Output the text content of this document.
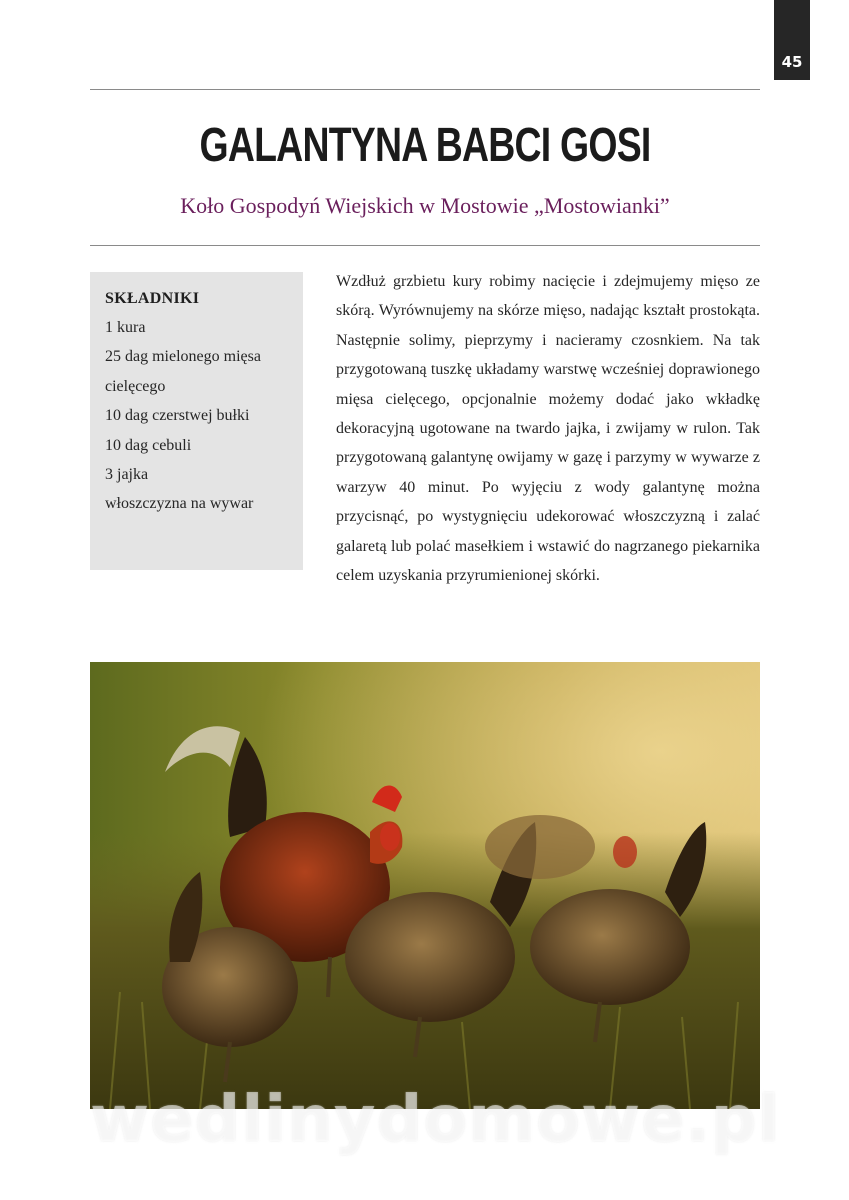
45
GALANTYNA BABCI GOSI
Koło Gospodyń Wiejskich w Mostowie „Mostowianki”
SKŁADNIKI
1 kura
25 dag mielonego mięsa
cielęcego
10 dag czerstwej bułki
10 dag cebuli
3 jajka
włoszczyzna na wywar
Wzdłuż grzbietu kury robimy nacięcie i zdejmujemy mięso ze skórą. Wyrównujemy na skórze mięso, nadając kształt prostokąta. Następnie solimy, pieprzymy i nacieramy czosnkiem. Na tak przygotowaną tuszkę układamy warstwę wcześniej doprawionego mięsa cielęcego, opcjonalnie możemy dodać jako wkładkę dekoracyjną ugotowane na twardo jajka, i zwijamy w rulon. Tak przygotowaną galantynę owijamy w gazę i parzymy w wywarze z warzyw 40 minut. Po wyjęciu z wody galantynę można przycisnąć, po wystygnięciu udekorować włoszczyzną i zalać galaretą lub polać masełkiem i wstawić do nagrzanego piekarnika celem uzyskania przyrumienionej skórki.
wedlinydomowe.pl
